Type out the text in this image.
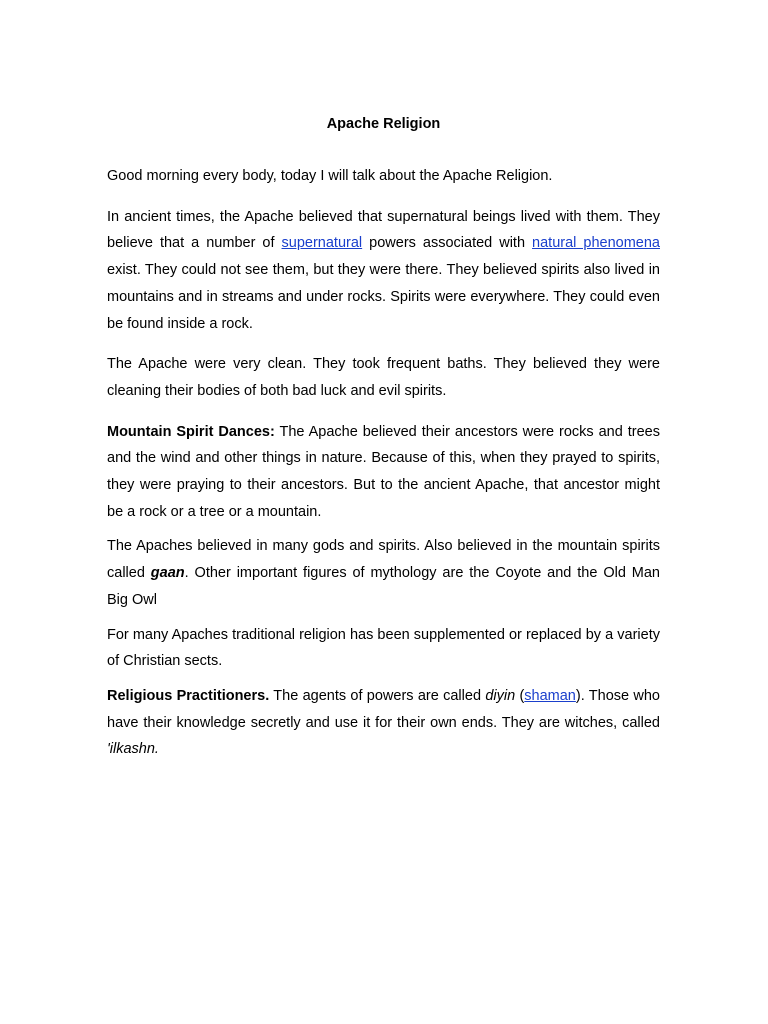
Apache Religion

Good morning every body, today I will talk about the Apache Religion.

In ancient times, the Apache believed that supernatural beings lived with them. They believe that a number of supernatural powers associated with natural phenomena exist. They could not see them, but they were there. They believed spirits also lived in mountains and in streams and under rocks. Spirits were everywhere. They could even be found inside a rock.

The Apache were very clean. They took frequent baths. They believed they were cleaning their bodies of both bad luck and evil spirits.

Mountain Spirit Dances: The Apache believed their ancestors were rocks and trees and the wind and other things in nature. Because of this, when they prayed to spirits, they were praying to their ancestors. But to the ancient Apache, that ancestor might be a rock or a tree or a mountain.

The Apaches believed in many gods and spirits. Also believed in the mountain spirits called gaan. Other important figures of mythology are the Coyote and the Old Man Big Owl

For many Apaches traditional religion has been supplemented or replaced by a variety of Christian sects.

Religious Practitioners. The agents of powers are called diyin (shaman). Those who have their knowledge secretly and use it for their own ends. They are witches, called 'ilkashn.
